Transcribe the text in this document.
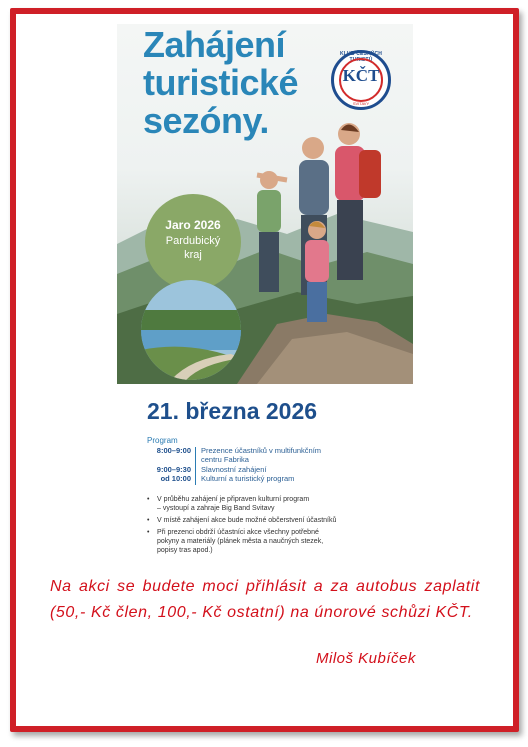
Zahájení
turistické
sezóny.
KLUB ČESKÝCH TURISTŮ
KČT
SVITAVY
Jaro 2026
Pardubický
kraj
21. března 2026
Program
8:00–9:00 Prezence účastníků v multifunkčním
centru Fabrika
9:00–9:30
od 10:00
Slavnostní zahájení
Kulturní a turistický program
• V průběhu zahájení je připraven kulturní program
– vystoupí a zahraje Big Band Svitavy
• V místě zahájení akce bude možné občerstvení účastníků
• Při prezenci obdrží účastníci akce všechny potřebné
pokyny a materiály (plánek města a naučných stezek,
popisy tras apod.)

Na akci se budete moci přihlásit a za autobus zaplatit (50,- Kč člen, 100,- Kč ostatní) na únorové schůzi KČT.

Miloš Kubíček
